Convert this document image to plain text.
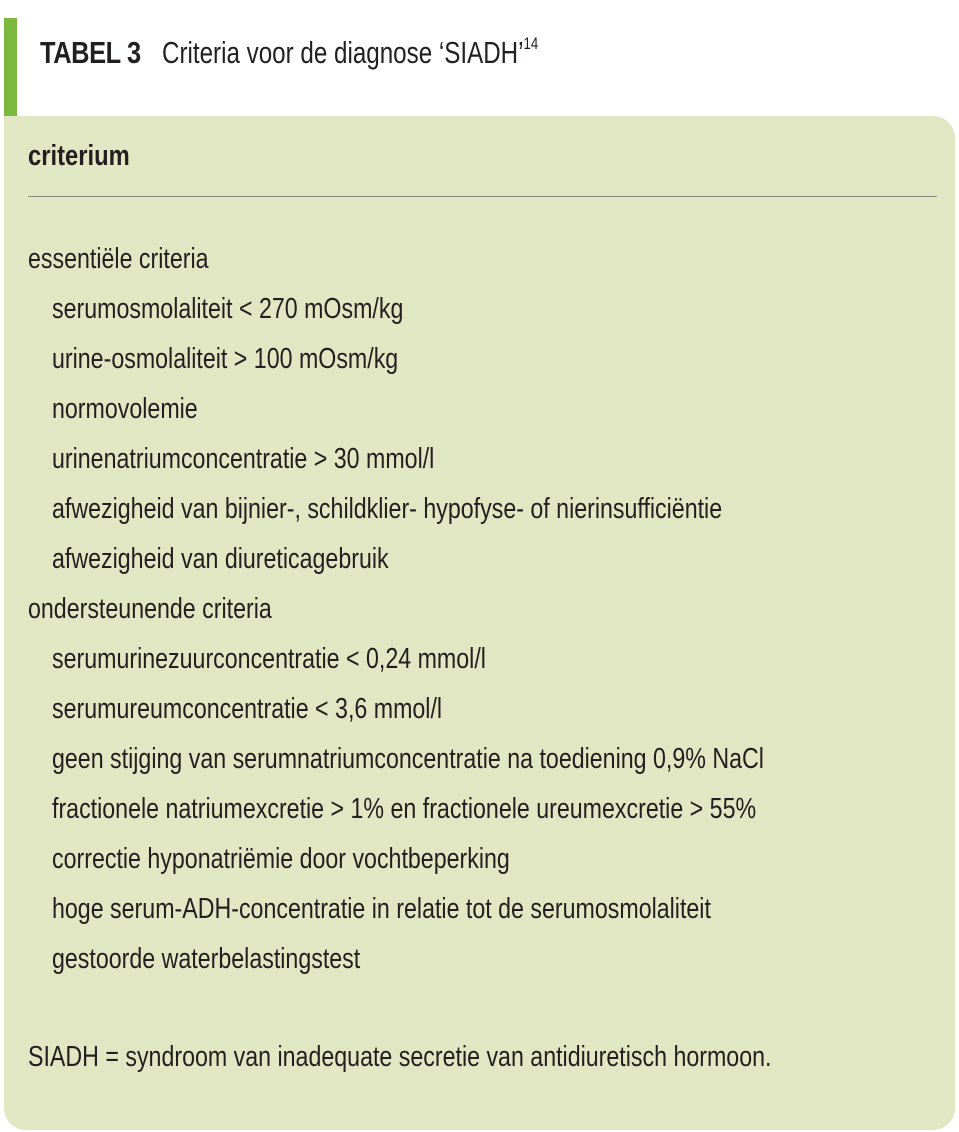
TABEL 3 Criteria voor de diagnose ‘SIADH’$^{14}$
criterium
essentiële criteria
serumosmolaliteit < 270 mOsm/kg
urine-osmolaliteit > 100 mOsm/kg
normovolemie
urinenatriumconcentratie > 30 mmol/l
afwezigheid van bijnier-, schildklier- hypofyse- of nierinsufficiëntie
afwezigheid van diureticagebruik
ondersteunende criteria
serumurinezuurconcentratie < 0,24 mmol/l
serumureumconcentratie < 3,6 mmol/l
geen stijging van serumnatriumconcentratie na toediening 0,9% NaCl
fractionele natriumexcretie > 1% en fractionele ureumexcretie > 55%
correctie hyponatriëmie door vochtbeperking
hoge serum-ADH-concentratie in relatie tot de serumosmolaliteit
gestoorde waterbelastingstest
SIADH = syndroom van inadequate secretie van antidiuretisch hormoon.
